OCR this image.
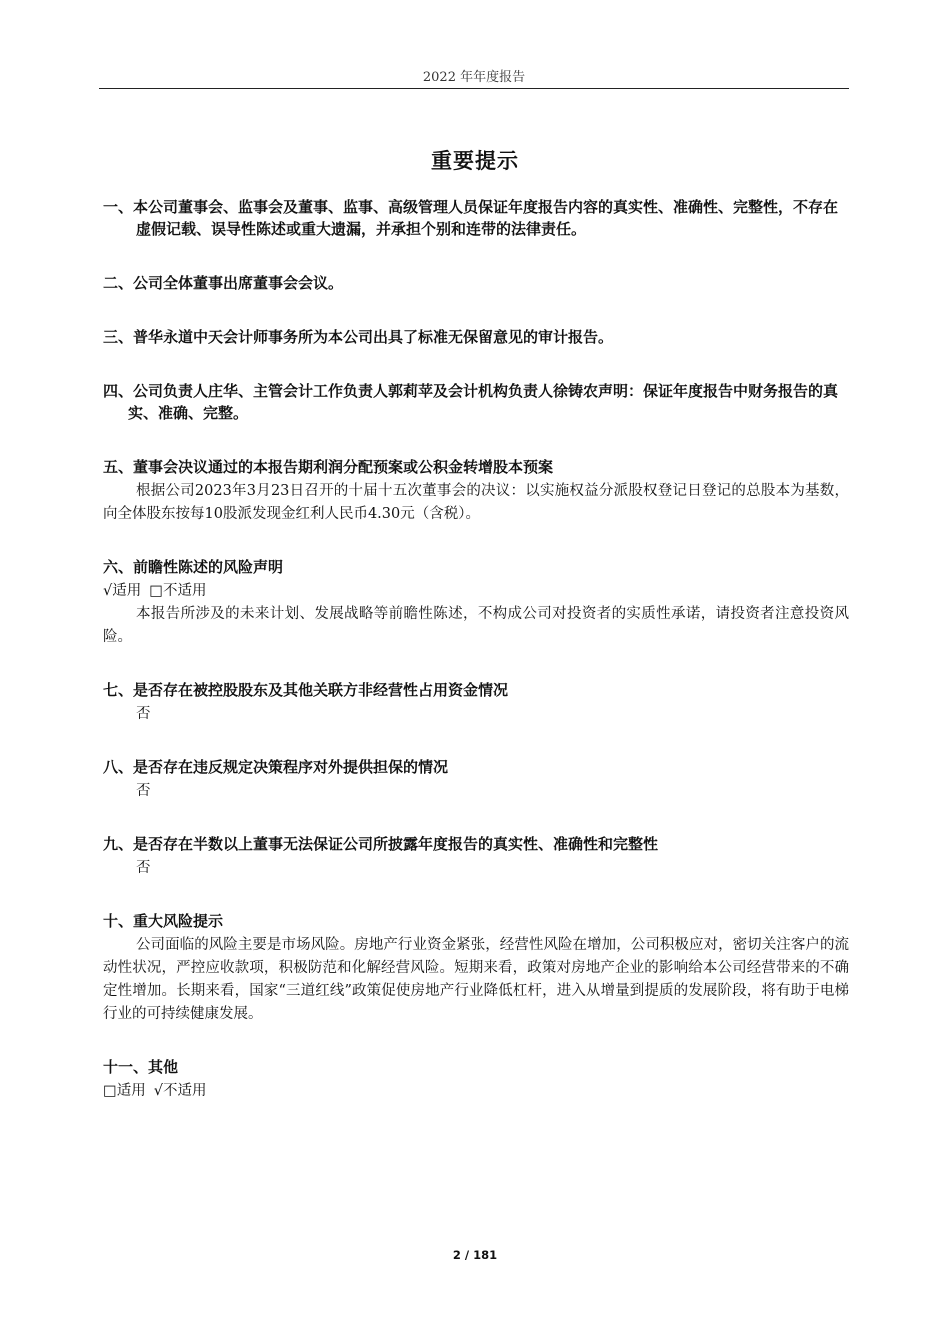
2022 年年度报告
重要提示

一、本公司董事会、监事会及董事、监事、高级管理人员保证年度报告内容的真实性、准确性、完整性，不存在虚假记载、误导性陈述或重大遗漏，并承担个别和连带的法律责任。

二、公司全体董事出席董事会会议。

三、普华永道中天会计师事务所为本公司出具了标准无保留意见的审计报告。

四、公司负责人庄华、主管会计工作负责人郭莉苹及会计机构负责人徐铸农声明：保证年度报告中财务报告的真实、准确、完整。

五、董事会决议通过的本报告期利润分配预案或公积金转增股本预案

根据公司2023年3月23日召开的十届十五次董事会的决议：以实施权益分派股权登记日登记的总股本为基数，向全体股东按每10股派发现金红利人民币4.30元（含税）。

六、前瞻性陈述的风险声明

√适用 □不适用

本报告所涉及的未来计划、发展战略等前瞻性陈述，不构成公司对投资者的实质性承诺，请投资者注意投资风险。

七、是否存在被控股股东及其他关联方非经营性占用资金情况

否

八、是否存在违反规定决策程序对外提供担保的情况

否

九、是否存在半数以上董事无法保证公司所披露年度报告的真实性、准确性和完整性

否

十、重大风险提示

公司面临的风险主要是市场风险。房地产行业资金紧张，经营性风险在增加，公司积极应对，密切关注客户的流动性状况，严控应收款项，积极防范和化解经营风险。短期来看，政策对房地产企业的影响给本公司经营带来的不确定性增加。长期来看，国家“三道红线”政策促使房地产行业降低杠杆，进入从增量到提质的发展阶段，将有助于电梯行业的可持续健康发展。

十一、其他

□适用 √不适用

2 / 181
